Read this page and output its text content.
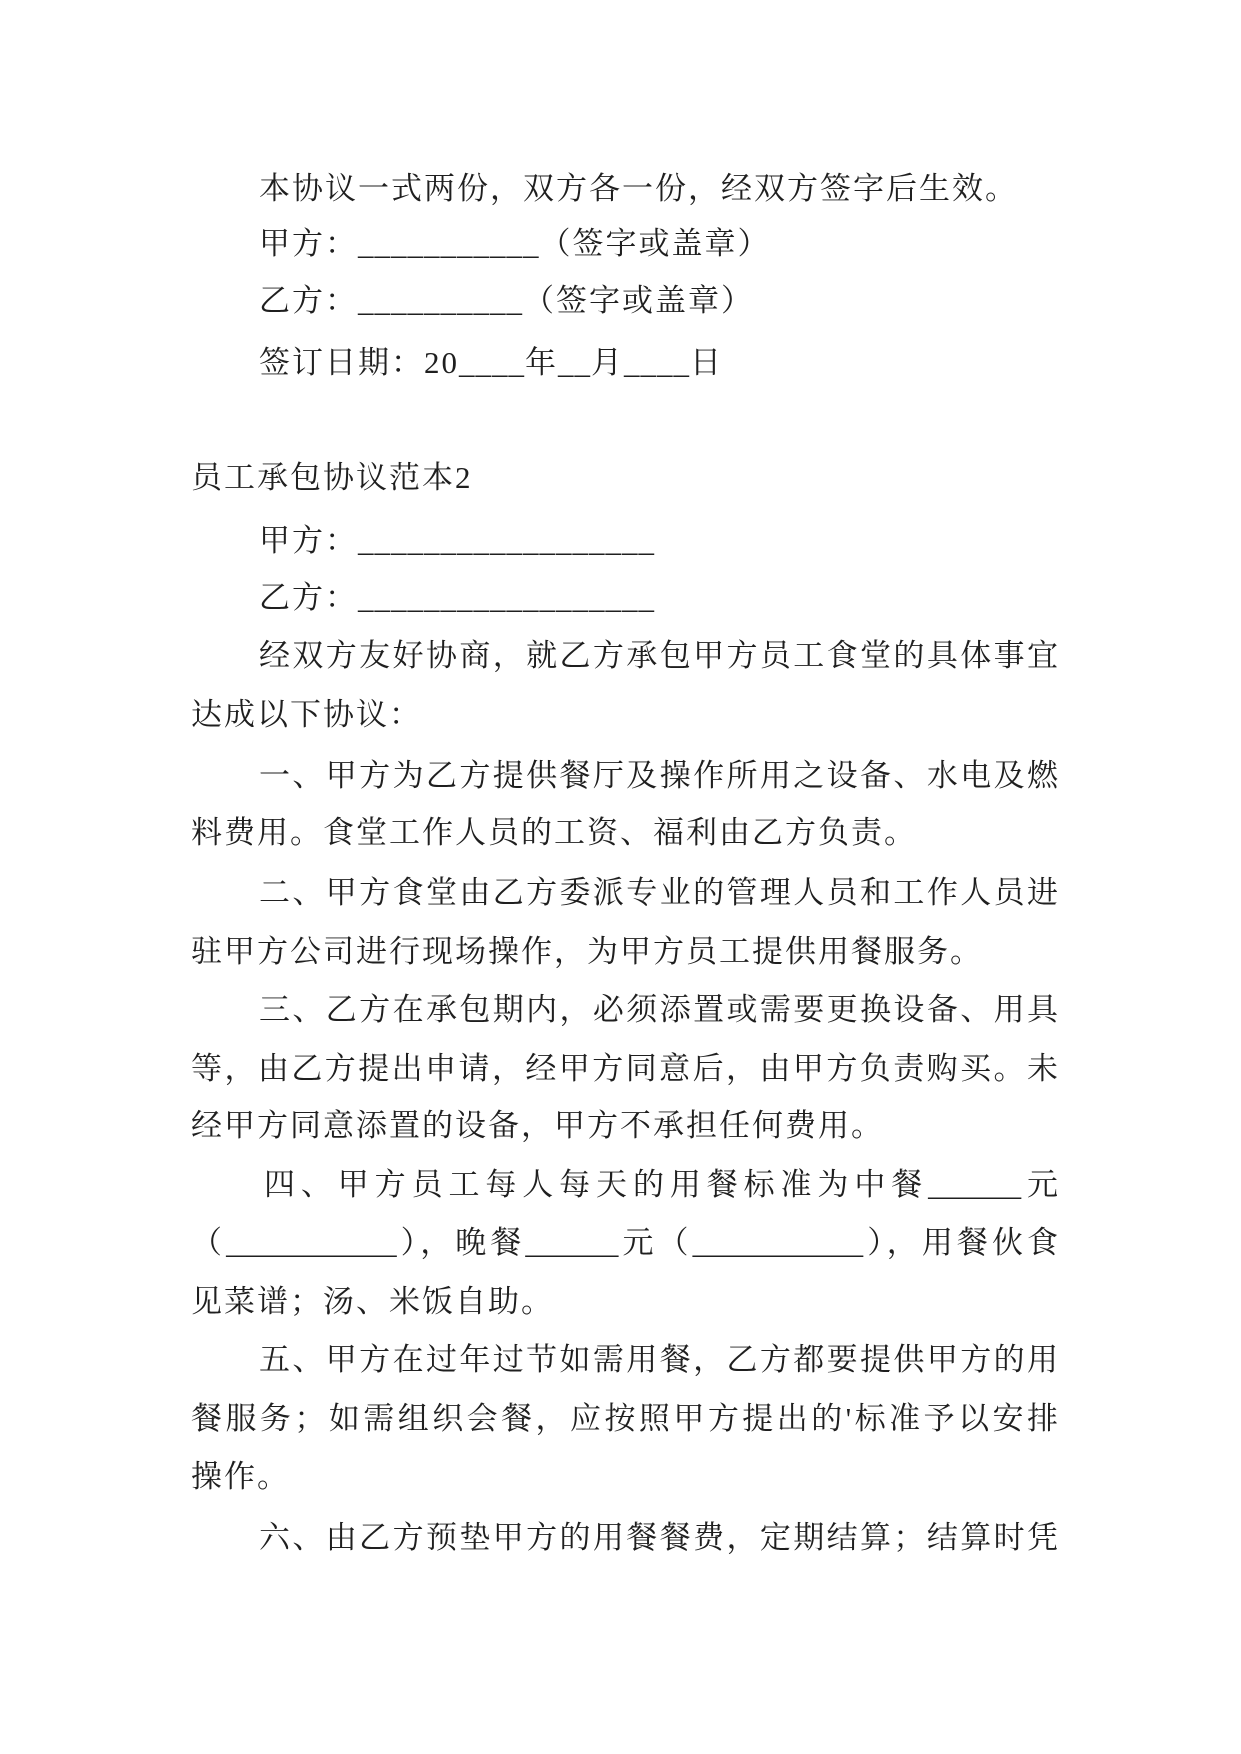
本协议一式两份，双方各一份，经双方签字后生效。
甲方：___________（签字或盖章）
乙方：__________（签字或盖章）
签订日期：20____年__月____日
员工承包协议范本2
甲方：__________________
乙方：__________________
经双方友好协商，就乙方承包甲方员工食堂的具体事宜
达成以下协议：
一、甲方为乙方提供餐厅及操作所用之设备、水电及燃
料费用。食堂工作人员的工资、福利由乙方负责。
二、甲方食堂由乙方委派专业的管理人员和工作人员进
驻甲方公司进行现场操作，为甲方员工提供用餐服务。
三、乙方在承包期内，必须添置或需要更换设备、用具
等，由乙方提出申请，经甲方同意后，由甲方负责购买。未
经甲方同意添置的设备，甲方不承担任何费用。
四、甲方员工每人每天的用餐标准为中餐______元
（___________），晚餐______元（___________），用餐伙食
见菜谱；汤、米饭自助。
五、甲方在过年过节如需用餐，乙方都要提供甲方的用
餐服务；如需组织会餐，应按照甲方提出的'标准予以安排
操作。
六、由乙方预垫甲方的用餐餐费，定期结算；结算时凭
